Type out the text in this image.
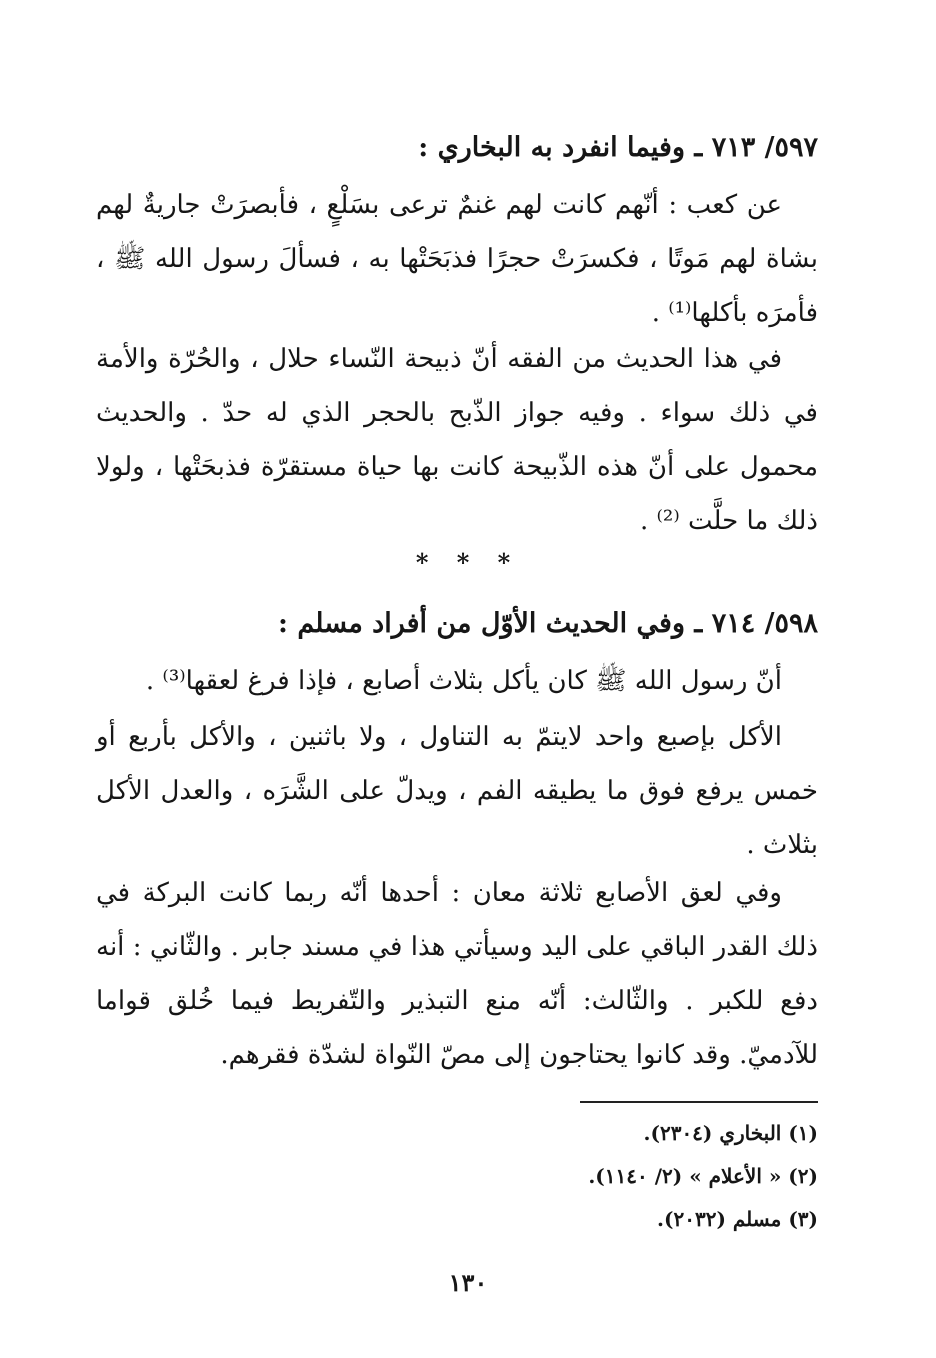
٥٩٧/ ٧١٣ ـ وفيما انفرد به البخاري :
عن كعب : أنّهم كانت لهم غنمٌ ترعى بسَلْعٍ ، فأبصرَتْ جاريةٌ لهم بشاة لهم مَوتًا ، فكسرَتْ حجرًا فذبَحَتْها به ، فسألَ رسول الله ﷺ ، فأمرَه بأكلها⁽¹⁾ .
في هذا الحديث من الفقه أنّ ذبيحة النّساء حلال ، والحُرّة والأمة في ذلك سواء . وفيه جواز الذّبح بالحجر الذي له حدّ . والحديث محمول على أنّ هذه الذّبيحة كانت بها حياة مستقرّة فذبحَتْها ، ولولا ذلك ما حلَّت ⁽²⁾ .
* * *
٥٩٨/ ٧١٤ ـ وفي الحديث الأوّل من أفراد مسلم :
أنّ رسول الله ﷺ كان يأكل بثلاث أصابع ، فإذا فرغ لعقها⁽³⁾ .
الأكل بإصبع واحد لايتمّ به التناول ، ولا باثنين ، والأكل بأربع أو خمس يرفع فوق ما يطيقه الفم ، ويدلّ على الشَّرَه ، والعدل الأكل بثلاث .
وفي لعق الأصابع ثلاثة معان : أحدها أنّه ربما كانت البركة في ذلك القدر الباقي على اليد وسيأتي هذا في مسند جابر . والثّاني : أنه دفع للكبر . والثّالث: أنّه منع التبذير والتّفريط فيما خُلق قواما للآدميّ. وقد كانوا يحتاجون إلى مصّ النّواة لشدّة فقرهم.
(١) البخاري (٢٣٠٤).
(٢) « الأعلام » (٢/ ١١٤٠).
(٣) مسلم (٢٠٣٢).
١٣٠
